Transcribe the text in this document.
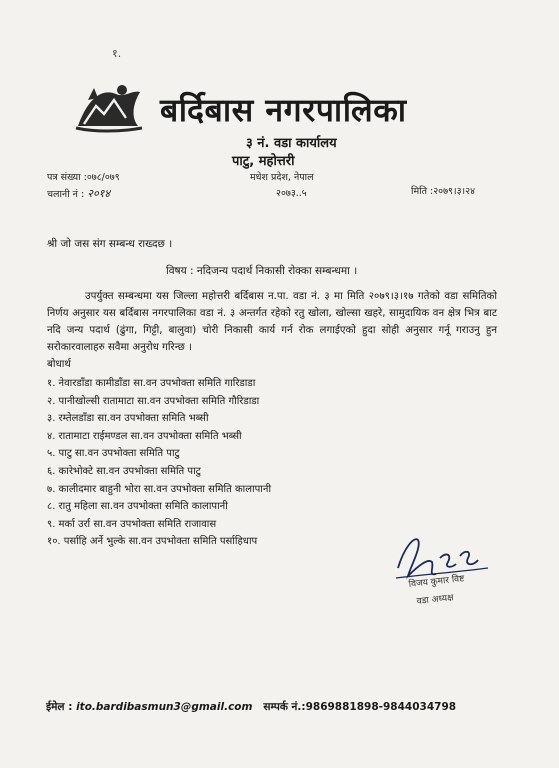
१.
बर्दिबास नगरपालिका
३ नं. वडा कार्यालय
पाटु, महोत्तरी
पत्र संख्या :०७८/०७९
चलानी नं : २०१४
मधेश प्रदेश, नेपाल
२०७३..५	मिति :२०७९।३।२४
श्री जो जस संग सम्बन्ध राख्दछ ।
विषय : नदिजन्य पदार्थ निकासी रोक्का सम्बन्धमा ।

उपर्युक्त सम्बन्धमा यस जिल्ला महोत्तरी बर्दिबास न.पा. वडा नं. ३ मा मिति २०७९।३।१७ गतेको वडा समितिको निर्णय अनुसार यस बर्दिबास नगरपालिका वडा नं. ३ अन्तर्गत रहेको रतु खोला, खोल्सा खहरे, सामुदायिक वन क्षेत्र भित्र बाट नदि जन्य पदार्थ (ढुंगा, गिट्टी, बालुवा) चोरी निकासी कार्य गर्न रोक लगाईएको हुदा सोही अनुसार गर्नू गराउनु हुन सरोकारवालाहरु सवैमा अनुरोध गरिन्छ ।

बोधार्थ
१. नेवारडाँडा कामीडाँडा सा.वन उपभोक्ता समिति गारिडाडा
२. पानीखोल्सी रातामाटा सा.वन उपभोक्ता समिति गौरिडाडा
३. रम्तेलडाँडा सा.वन उपभोक्ता समिति भब्सी
४. रातामाटा राईमण्डल सा.वन उपभोक्ता समिति भब्सी
५. पाटु सा.वन उपभोक्ता समिति पाटु
६. कारेभोक्टे सा.वन उपभोक्ता समिति पाटु
७. कालीदमार बाहुनी भोरा सा.वन उपभोक्ता समिति कालापानी
८. रातु महिला सा.वन उपभोक्ता समिति कालापानी
९. मर्का उर्रा सा.वन उपभोक्ता समिति राजावास
१०. पर्साहि अर्ने भुल्के सा.वन उपभोक्ता समिति पर्साहिधाप
विजय कुमार विष्ट
वडा अध्यक्ष
ईमेल : ito.bardibasmun3@gmail.com सम्पर्क नं.:9869881898-9844034798
